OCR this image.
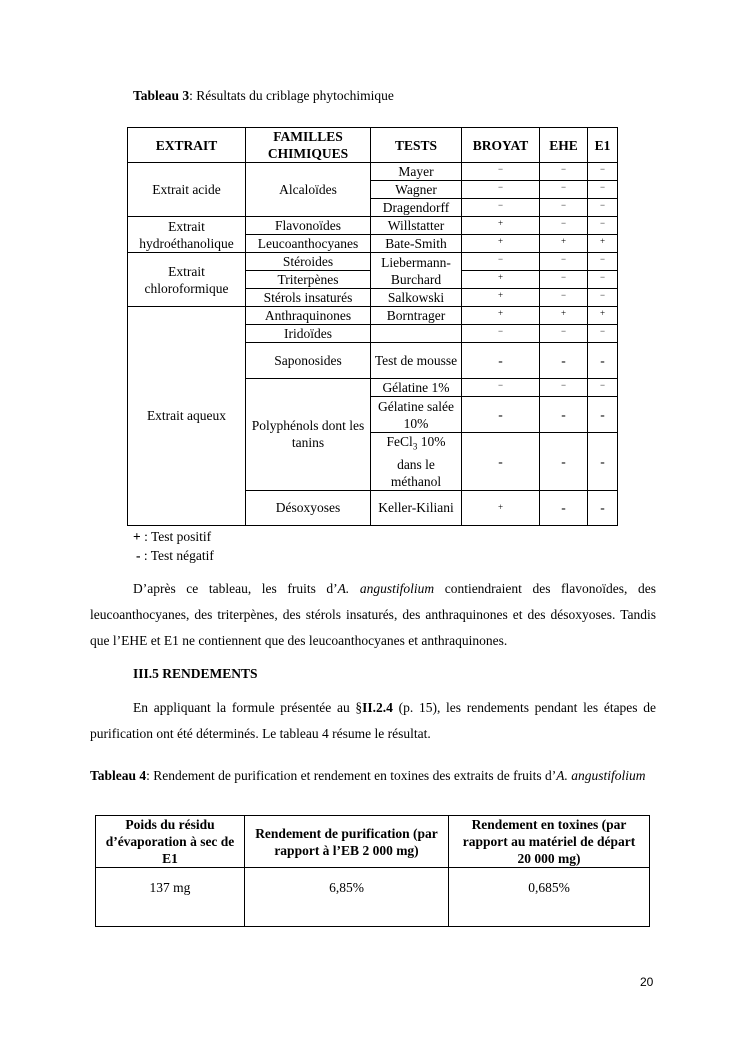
Tableau 3: Résultats du criblage phytochimique
EXTRAIT	FAMILLES CHIMIQUES	TESTS	BROYAT	EHE	E1
Extrait acide	Alcaloïdes	Mayer	−	−	−
		Wagner	−	−	−
		Dragendorff	−	−	−
Extrait hydroéthanolique	Flavonoïdes	Willstatter	+	−	−
	Leucoanthocyanes	Bate-Smith	+	+	+
Extrait chloroformique	Stéroides	Liebermann-Burchard	−	−	−
	Triterpènes		+	−	−
	Stérols insaturés	Salkowski	+	−	−
Extrait aqueux	Anthraquinones	Borntrager	+	+	+
	Iridoïdes		−	−	−
	Saponosides	Test de mousse	-	-	-
	Polyphénols dont les tanins	Gélatine 1%	−	−	−
		Gélatine salée 10%	-	-	-
		FeCl$_3$ 10% dans le méthanol	-	-	-
	Désoxyoses	Keller-Kiliani	+	-	-
+ : Test positif
- : Test négatif
D’après ce tableau, les fruits d’A. angustifolium contiendraient des flavonoïdes, des leucoanthocyanes, des triterpènes, des stérols insaturés, des anthraquinones et des désoxyoses. Tandis que l’EHE et E1 ne contiennent que des leucoanthocyanes et anthraquinones.
III.5 RENDEMENTS
En appliquant la formule présentée au §II.2.4 (p. 15), les rendements pendant les étapes de purification ont été déterminés. Le tableau 4 résume le résultat.
Tableau 4 : Rendement de purification et rendement en toxines des extraits de fruits d’A. angustifolium
Poids du résidu d’évaporation à sec de E1	Rendement de purification (par rapport à l’EB 2 000 mg)	Rendement en toxines (par rapport au matériel de départ 20 000 mg)
137 mg	6,85%	0,685%
20
